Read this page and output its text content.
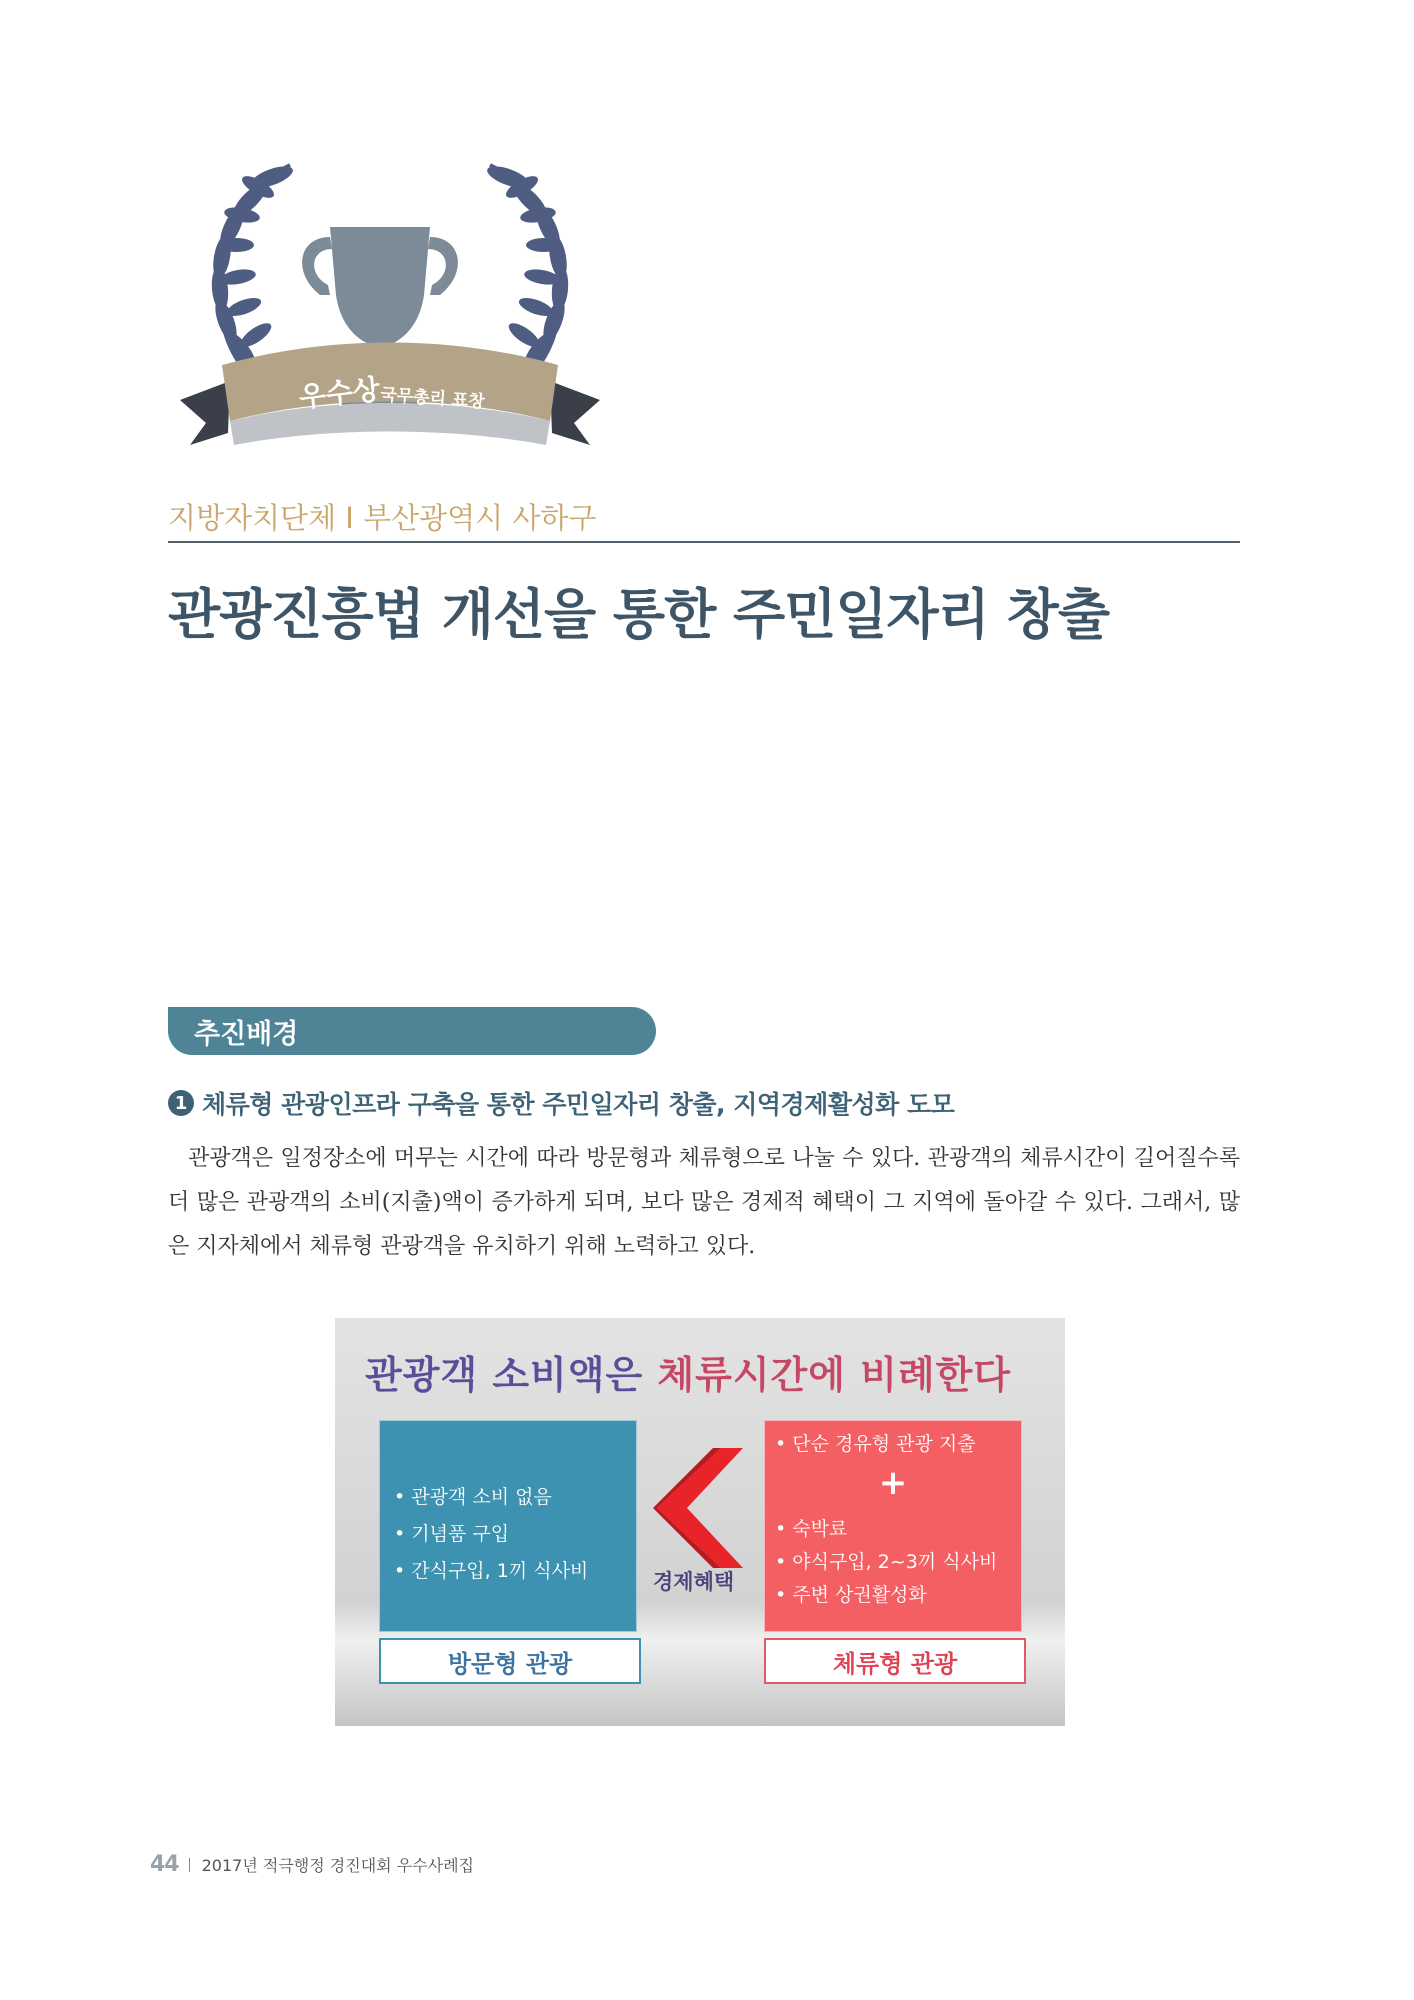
우수상
국무총리 표창
지방자치단체 I 부산광역시 사하구
관광진흥법 개선을 통한 주민일자리 창출
추진배경
1 체류형 관광인프라 구축을 통한 주민일자리 창출, 지역경제활성화 도모
관광객은 일정장소에 머무는 시간에 따라 방문형과 체류형으로 나눌 수 있다. 관광객의 체류시간이 길어질수록 더 많은 관광객의 소비(지출)액이 증가하게 되며, 보다 많은 경제적 혜택이 그 지역에 돌아갈 수 있다. 그래서, 많은 지자체에서 체류형 관광객을 유치하기 위해 노력하고 있다.
관광객 소비액은 체류시간에 비례한다
• 관광객 소비 없음
• 기념품 구입
• 간식구입, 1끼 식사비	경제혜택
• 단순 경유형 관광 지출
+
• 숙박료
• 야식구입, 2~3끼 식사비
• 주변 상권활성화
방문형 관광	체류형 관광
44 2017년 적극행정 경진대회 우수사례집
